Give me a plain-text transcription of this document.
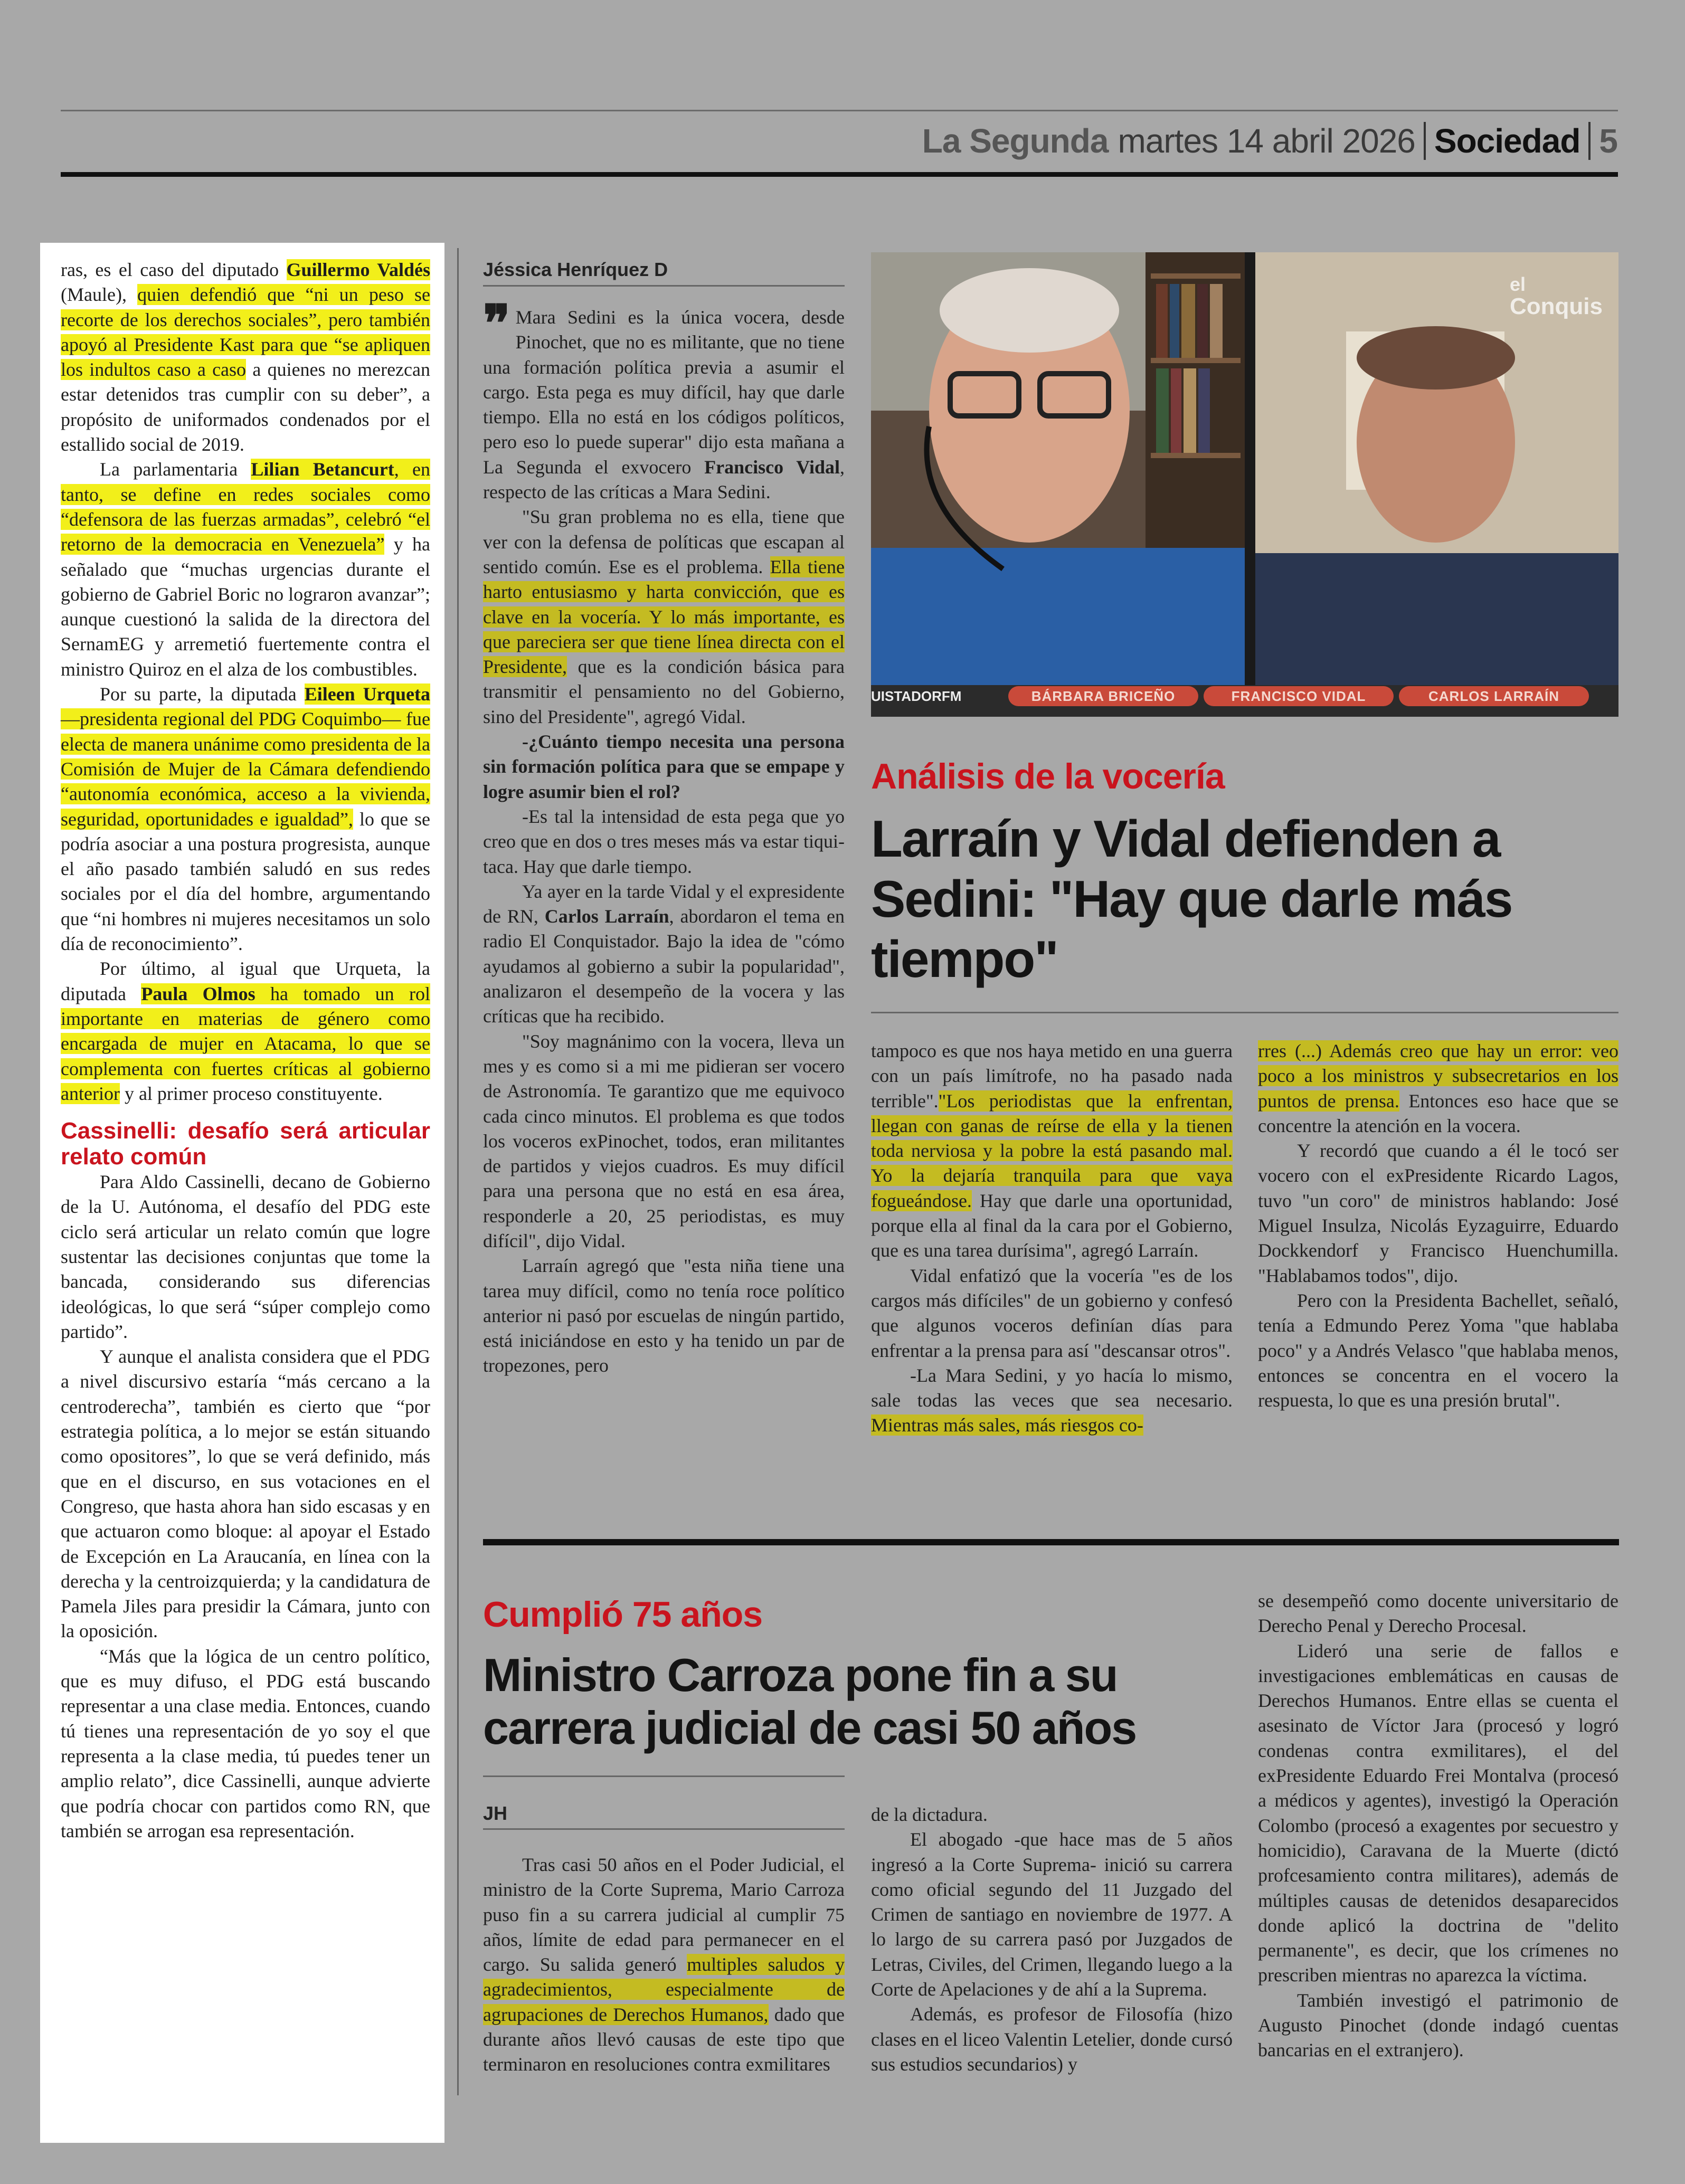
La Segunda martes 14 abril 2026 Sociedad 5

ras, es el caso del diputado Guillermo Valdés (Maule), quien defendió que “ni un peso se recorte de los derechos sociales”, pero también apoyó al Presidente Kast para que “se apliquen los indultos caso a caso a quienes no merezcan estar detenidos tras cumplir con su deber”, a propósito de uniformados condenados por el estallido social de 2019.

La parlamentaria Lilian Betancurt, en tanto, se define en redes sociales como “defensora de las fuerzas armadas”, celebró “el retorno de la democracia en Venezuela” y ha señalado que “muchas urgencias durante el gobierno de Gabriel Boric no lograron avanzar”; aunque cuestionó la salida de la directora del SernamEG y arremetió fuertemente contra el ministro Quiroz en el alza de los combustibles.

Por su parte, la diputada Eileen Urqueta —presidenta regional del PDG Coquimbo— fue electa de manera unánime como presidenta de la Comisión de Mujer de la Cámara defendiendo “autonomía económica, acceso a la vivienda, seguridad, oportunidades e igualdad”, lo que se podría asociar a una postura progresista, aunque el año pasado también saludó en sus redes sociales por el día del hombre, argumentando que “ni hombres ni mujeres necesitamos un solo día de reconocimiento”.

Por último, al igual que Urqueta, la diputada Paula Olmos ha tomado un rol importante en materias de género como encargada de mujer en Atacama, lo que se complementa con fuertes críticas al gobierno anterior y al primer proceso constituyente.

Cassinelli: desafío será articular relato común

Para Aldo Cassinelli, decano de Gobierno de la U. Autónoma, el desafío del PDG este ciclo será articular un relato común que logre sustentar las decisiones conjuntas que tome la bancada, considerando sus diferencias ideológicas, lo que será “súper complejo como partido”.

Y aunque el analista considera que el PDG a nivel discursivo estaría “más cercano a la centroderecha”, también es cierto que “por estrategia política, a lo mejor se están situando como opositores”, lo que se verá definido, más que en el discurso, en sus votaciones en el Congreso, que hasta ahora han sido escasas y en que actuaron como bloque: al apoyar el Estado de Excepción en La Araucanía, en línea con la derecha y la centroizquierda; y la candidatura de Pamela Jiles para presidir la Cámara, junto con la oposición.

“Más que la lógica de un centro político, que es muy difuso, el PDG está buscando representar a una clase media. Entonces, cuando tú tienes una representación de yo soy el que representa a la clase media, tú puedes tener un amplio relato”, dice Cassinelli, aunque advierte que podría chocar con partidos como RN, que también se arrogan esa representación.

Jéssica Henríquez D

❞ Mara Sedini es la única vocera, desde Pinochet, que no es militante, que no tiene una formación política previa a asumir el cargo. Esta pega es muy difícil, hay que darle tiempo. Ella no está en los códigos políticos, pero eso lo puede superar" dijo esta mañana a La Segunda el exvocero Francisco Vidal, respecto de las críticas a Mara Sedini.

"Su gran problema no es ella, tiene que ver con la defensa de políticas que escapan al sentido común. Ese es el problema. Ella tiene harto entusiasmo y harta convicción, que es clave en la vocería. Y lo más importante, es que pareciera ser que tiene línea directa con el Presidente, que es la condición básica para transmitir el pensamiento no del Gobierno, sino del Presidente", agregó Vidal.

-¿Cuánto tiempo necesita una persona sin formación política para que se empape y logre asumir bien el rol?

-Es tal la intensidad de esta pega que yo creo que en dos o tres meses más va estar tiqui-taca. Hay que darle tiempo.

Ya ayer en la tarde Vidal y el expresidente de RN, Carlos Larraín, abordaron el tema en radio El Conquistador. Bajo la idea de "cómo ayudamos al gobierno a subir la popularidad", analizaron el desempeño de la vocera y las críticas que ha recibido.

"Soy magnánimo con la vocera, lleva un mes y es como si a mi me pidieran ser vocero de Astronomía. Te garantizo que me equivoco cada cinco minutos. El problema es que todos los voceros exPinochet, todos, eran militantes de partidos y viejos cuadros. Es muy difícil para una persona que no está en esa área, responderle a 20, 25 periodistas, es muy difícil", dijo Vidal.

Larraín agregó que "esta niña tiene una tarea muy difícil, como no tenía roce político anterior ni pasó por escuelas de ningún partido, está iniciándose en esto y ha tenido un par de tropezones, pero

el
Conquis
UISTADORFM	BÁRBARA BRICEÑO	FRANCISCO VIDAL	CARLOS LARRAÍN
Análisis de la vocería
Larraín y Vidal defienden a Sedini: "Hay que darle más tiempo"

tampoco es que nos haya metido en una guerra con un país limítrofe, no ha pasado nada terrible"."Los periodistas que la enfrentan, llegan con ganas de reírse de ella y la tienen toda nerviosa y la pobre la está pasando mal. Yo la dejaría tranquila para que vaya fogueándose. Hay que darle una oportunidad, porque ella al final da la cara por el Gobierno, que es una tarea durísima", agregó Larraín.

Vidal enfatizó que la vocería "es de los cargos más difíciles" de un gobierno y confesó que algunos voceros definían días para enfrentar a la prensa para así "descansar otros".

-La Mara Sedini, y yo hacía lo mismo, sale todas las veces que sea necesario. Mientras más sales, más riesgos co-

rres (...) Además creo que hay un error: veo poco a los ministros y subsecretarios en los puntos de prensa. Entonces eso hace que se concentre la atención en la vocera.

Y recordó que cuando a él le tocó ser vocero con el exPresidente Ricardo Lagos, tuvo "un coro" de ministros hablando: José Miguel Insulza, Nicolás Eyzaguirre, Eduardo Dockkendorf y Francisco Huenchumilla. "Hablabamos todos", dijo.

Pero con la Presidenta Bachellet, señaló, tenía a Edmundo Perez Yoma "que hablaba poco" y a Andrés Velasco "que hablaba menos, entonces se concentra en el vocero la respuesta, lo que es una presión brutal".

Cumplió 75 años
Ministro Carroza pone fin a su carrera judicial de casi 50 años
JH

Tras casi 50 años en el Poder Judicial, el ministro de la Corte Suprema, Mario Carroza puso fin a su carrera judicial al cumplir 75 años, límite de edad para permanecer en el cargo. Su salida generó multiples saludos y agradecimientos, especialmente de agrupaciones de Derechos Humanos, dado que durante años llevó causas de este tipo que terminaron en resoluciones contra exmilitares

de la dictadura.

El abogado -que hace mas de 5 años ingresó a la Corte Suprema- inició su carrera como oficial segundo del 11 Juzgado del Crimen de santiago en noviembre de 1977. A lo largo de su carrera pasó por Juzgados de Letras, Civiles, del Crimen, llegando luego a la Corte de Apelaciones y de ahí a la Suprema.

Además, es profesor de Filosofía (hizo clases en el liceo Valentin Letelier, donde cursó sus estudios secundarios) y

se desempeñó como docente universitario de Derecho Penal y Derecho Procesal.

Lideró una serie de fallos e investigaciones emblemáticas en causas de Derechos Humanos. Entre ellas se cuenta el asesinato de Víctor Jara (procesó y logró condenas contra exmilitares), el del exPresidente Eduardo Frei Montalva (procesó a médicos y agentes), investigó la Operación Colombo (procesó a exagentes por secuestro y homicidio), Caravana de la Muerte (dictó profcesamiento contra militares), además de múltiples causas de detenidos desaparecidos donde aplicó la doctrina de "delito permanente", es decir, que los crímenes no prescriben mientras no aparezca la víctima.

También investigó el patrimonio de Augusto Pinochet (donde indagó cuentas bancarias en el extranjero).
